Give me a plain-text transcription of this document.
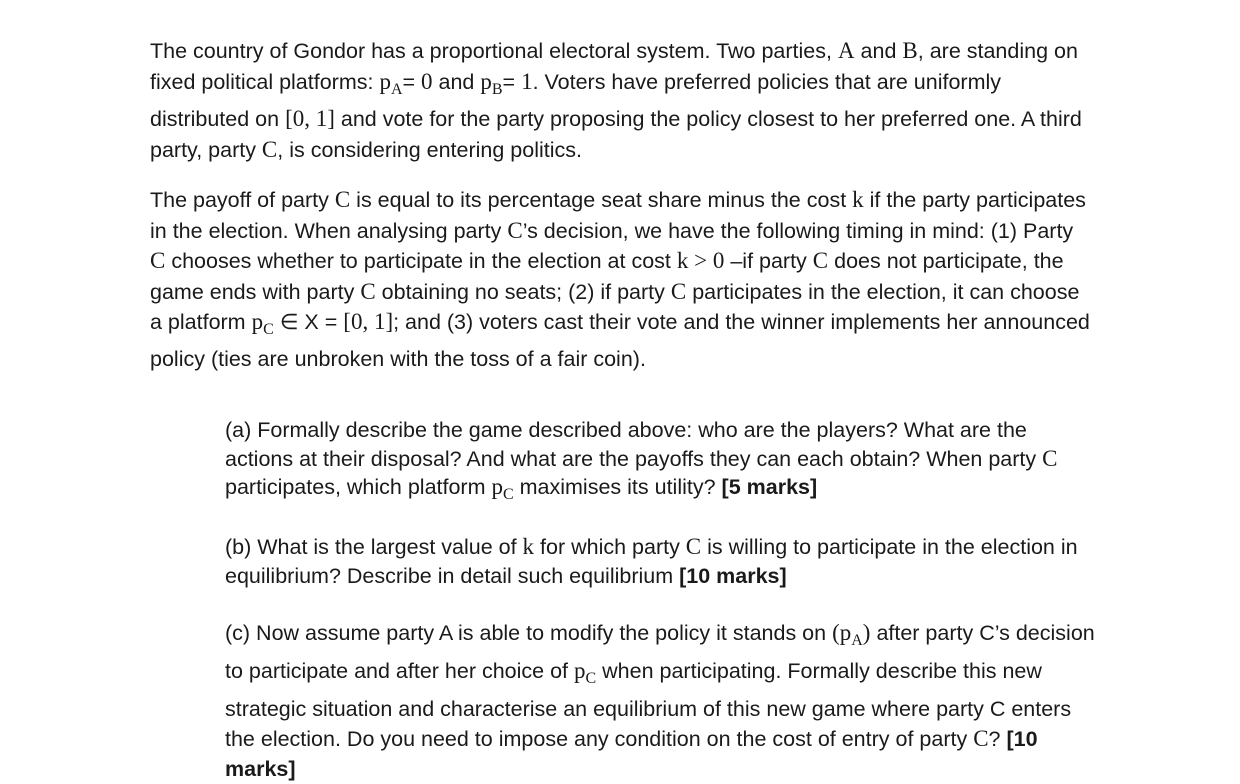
The country of Gondor has a proportional electoral system. Two parties, A and B, are standing on fixed political platforms: $p_A= 0$ and $p_B= 1$. Voters have preferred policies that are uniformly distributed on [0, 1] and vote for the party proposing the policy closest to her preferred one. A third party, party C, is considering entering politics.

The payoff of party C is equal to its percentage seat share minus the cost k if the party participates in the election. When analysing party C’s decision, we have the following timing in mind: (1) Party C chooses whether to participate in the election at cost k > 0 –if party C does not participate, the game ends with party C obtaining no seats; (2) if party C participates in the election, it can choose a platform $p_C$ ∈ X = [0, 1]; and (3) voters cast their vote and the winner implements her announced policy (ties are unbroken with the toss of a fair coin).

(a) Formally describe the game described above: who are the players? What are the actions at their disposal? And what are the payoffs they can each obtain? When party C participates, which platform $p_C$ maximises its utility? [5 marks]

(b) What is the largest value of k for which party C is willing to participate in the election in equilibrium? Describe in detail such equilibrium [10 marks]

(c) Now assume party A is able to modify the policy it stands on $(p_A)$ after party C’s decision to participate and after her choice of $p_C$ when participating. Formally describe this new strategic situation and characterise an equilibrium of this new game where party C enters the election. Do you need to impose any condition on the cost of entry of party C? [10 marks]
